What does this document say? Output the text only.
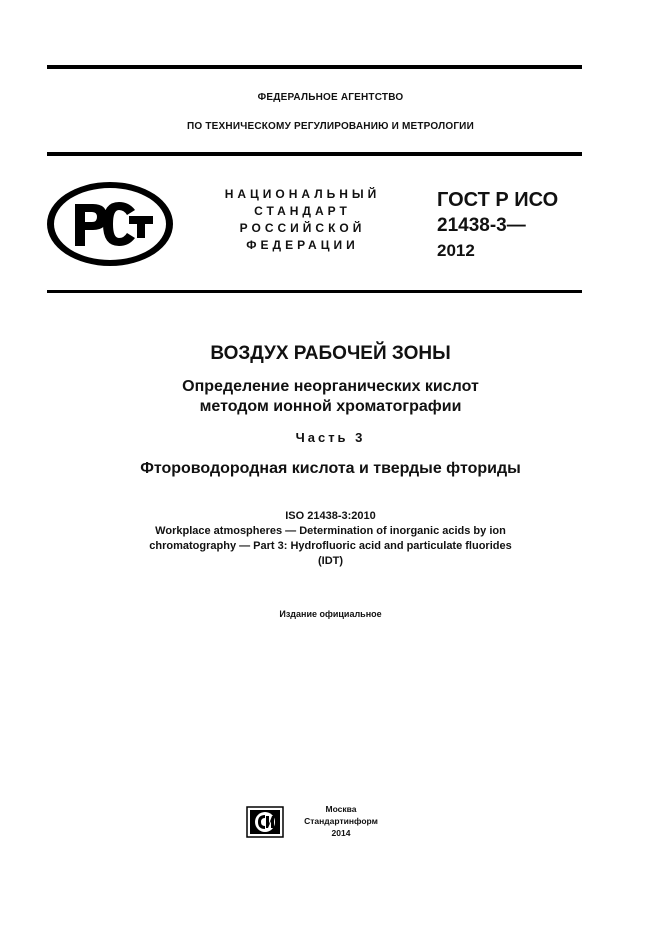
ФЕДЕРАЛЬНОЕ АГЕНТСТВО
ПО ТЕХНИЧЕСКОМУ РЕГУЛИРОВАНИЮ И МЕТРОЛОГИИ
НАЦИОНАЛЬНЫЙ
СТАНДАРТ
РОССИЙСКОЙ
ФЕДЕРАЦИИ
ГОСТ Р ИСО
21438-3—
2012
ВОЗДУХ РАБОЧЕЙ ЗОНЫ
Определение неорганических кислот
методом ионной хроматографии
Часть 3
Фтороводородная кислота и твердые фториды
ISO 21438-3:2010
Workplace atmospheres — Determination of inorganic acids by ion
chromatography — Part 3: Hydrofluoric acid and particulate fluorides
(IDT)
Издание официальное
Москва
Стандартинформ
2014
